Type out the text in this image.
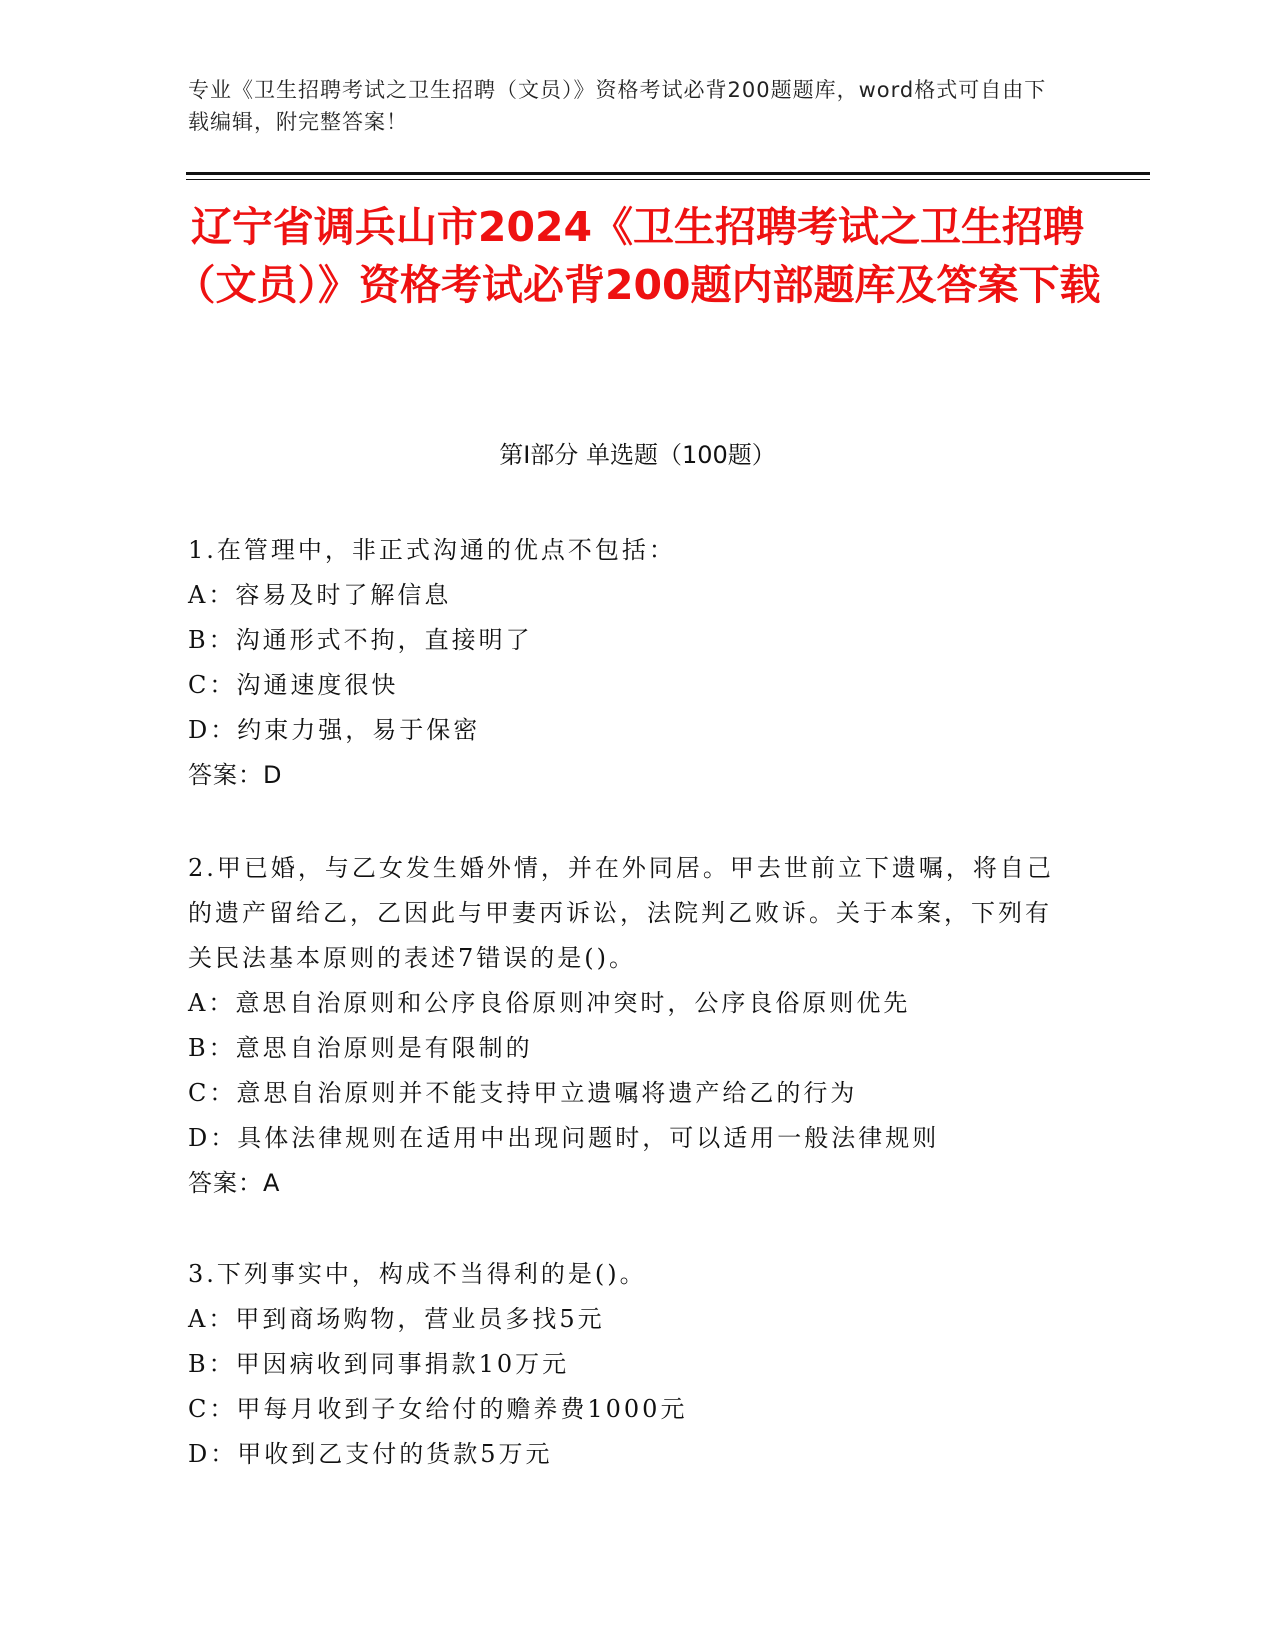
专业《卫生招聘考试之卫生招聘（文员）》资格考试必背200题题库，word格式可自由下载编辑，附完整答案！
辽宁省调兵山市2024《卫生招聘考试之卫生招聘（文员）》资格考试必背200题内部题库及答案下载
第Ⅰ部分 单选题（100题）

1.在管理中，非正式沟通的优点不包括：

A：容易及时了解信息

B：沟通形式不拘，直接明了

C：沟通速度很快

D：约束力强，易于保密

答案：D

2.甲已婚，与乙女发生婚外情，并在外同居。甲去世前立下遗嘱，将自己的遗产留给乙，乙因此与甲妻丙诉讼，法院判乙败诉。关于本案，下列有关民法基本原则的表述7错误的是()。

A：意思自治原则和公序良俗原则冲突时，公序良俗原则优先

B：意思自治原则是有限制的

C：意思自治原则并不能支持甲立遗嘱将遗产给乙的行为

D：具体法律规则在适用中出现问题时，可以适用一般法律规则

答案：A

3.下列事实中，构成不当得利的是()。

A：甲到商场购物，营业员多找5元

B：甲因病收到同事捐款10万元

C：甲每月收到子女给付的赡养费1000元

D：甲收到乙支付的货款5万元
